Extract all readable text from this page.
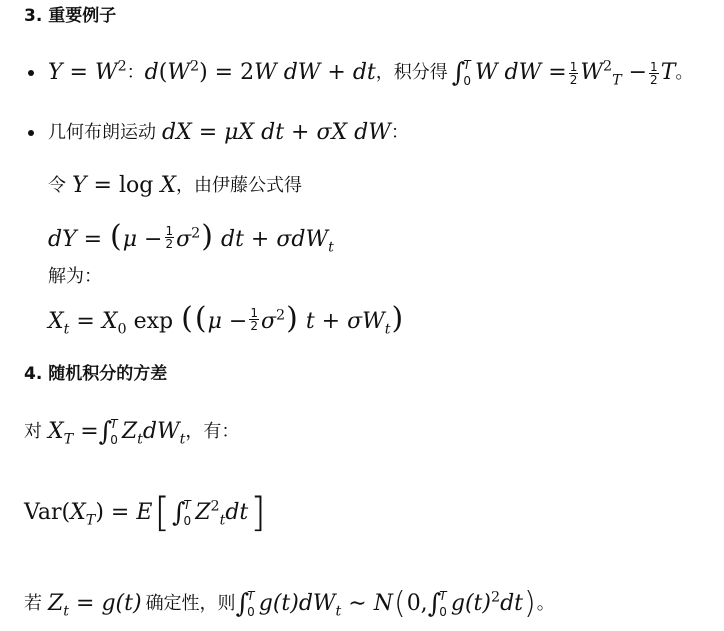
3. 重要例子
$Y = W^2$ ： $d(W^2) = 2W$ dW + dt ，积分得 ∫
T
0 W dW = $\frac{1}{2} W^2_T - \frac{1}{2}$ T 。
几何布朗运动 dX = μX dt + σX dW ：
令 Y = log X ，由伊藤公式得
dY = $(\mu - \frac{1}{2} \sigma^2)$ dt + σdW$_t$
解为：
$X_t = X_0$ $\exp ((\mu - \frac{1}{2} \sigma^2)$ $t + \sigma W_t$)
4. 随机积分的方差
对 $X_T$ = ∫
T
0 $Z_tdW_t$ ，有：
$Var(X_T) = E$ [ ∫
T
0 $Z^2_tdt$ ]
若 $Z_t = g(t)$ 确定性，则 ∫
T
0 $g(t)dW_t$ ∼ N ( 0, ∫
T
0 $g(t)^2dt$ ) 。
